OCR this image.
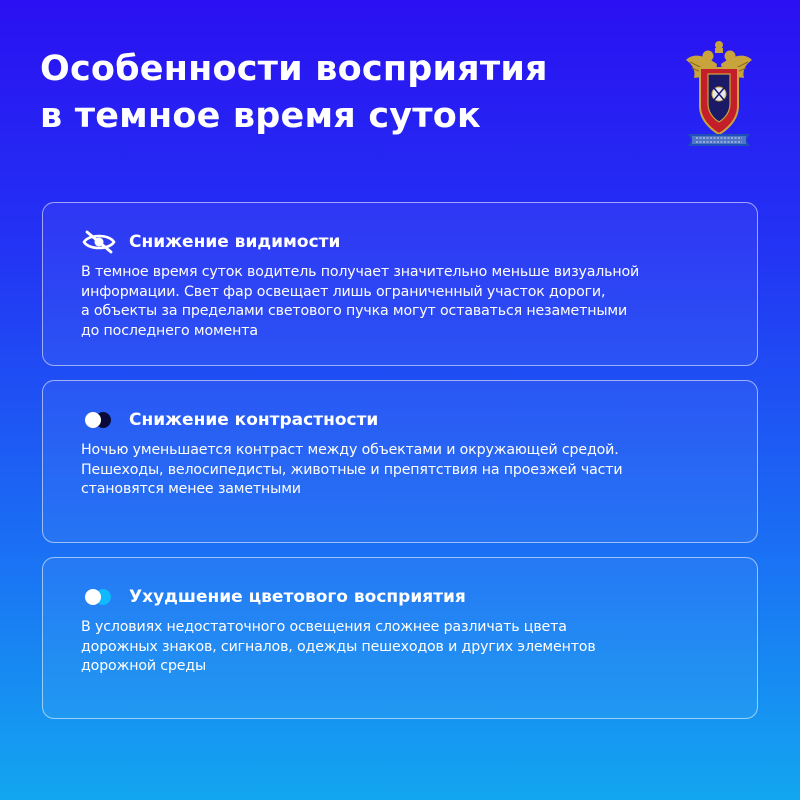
Особенности восприятия
в темное время суток
Снижение видимости
В темное время суток водитель получает значительно меньше визуальной
информации. Свет фар освещает лишь ограниченный участок дороги,
а объекты за пределами светового пучка могут оставаться незаметными
до последнего момента
Снижение контрастности
Ночью уменьшается контраст между объектами и окружающей средой.
Пешеходы, велосипедисты, животные и препятствия на проезжей части
становятся менее заметными
Ухудшение цветового восприятия
В условиях недостаточного освещения сложнее различать цвета
дорожных знаков, сигналов, одежды пешеходов и других элементов
дорожной среды
